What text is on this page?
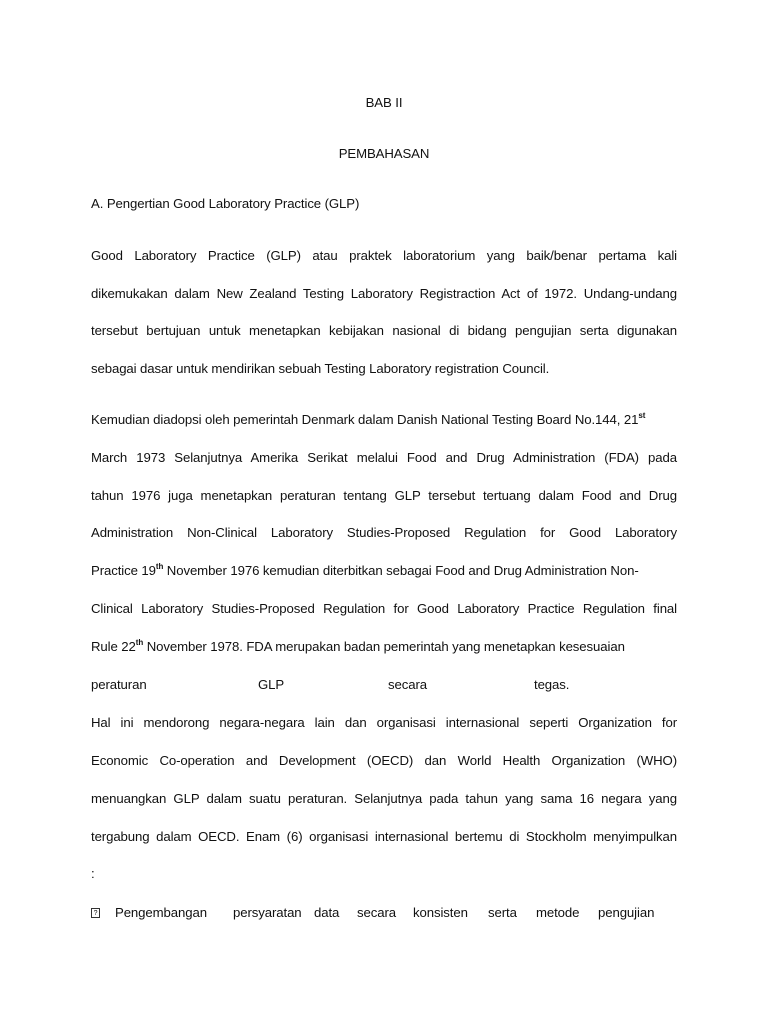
BAB II
PEMBAHASAN
A. Pengertian Good Laboratory Practice (GLP)
Good Laboratory Practice (GLP) atau praktek laboratorium yang baik/benar pertama kali
dikemukakan dalam New Zealand Testing Laboratory Registraction Act of 1972. Undang-undang
tersebut bertujuan untuk menetapkan kebijakan nasional di bidang pengujian serta digunakan
sebagai dasar untuk mendirikan sebuah Testing Laboratory registration Council.
Kemudian diadopsi oleh pemerintah Denmark dalam Danish National Testing Board No.144, 21st
March 1973 Selanjutnya Amerika Serikat melalui Food and Drug Administration (FDA) pada
tahun 1976 juga menetapkan peraturan tentang GLP tersebut tertuang dalam Food and Drug
Administration Non-Clinical Laboratory Studies-Proposed Regulation for Good Laboratory
Practice 19th November 1976 kemudian diterbitkan sebagai Food and Drug Administration Non-
Clinical Laboratory Studies-Proposed Regulation for Good Laboratory Practice Regulation final
Rule 22th November 1978. FDA merupakan badan pemerintah yang menetapkan kesesuaian
peraturan	GLP	secara	tegas.
Hal ini mendorong negara-negara lain dan organisasi internasional seperti Organization for
Economic Co-operation and Development (OECD) dan World Health Organization (WHO)
menuangkan GLP dalam suatu peraturan. Selanjutnya pada tahun yang sama 16 negara yang
tergabung dalam OECD. Enam (6) organisasi internasional bertemu di Stockholm menyimpulkan
:
? Pengembangan persyaratan data secara konsisten serta metode pengujian
